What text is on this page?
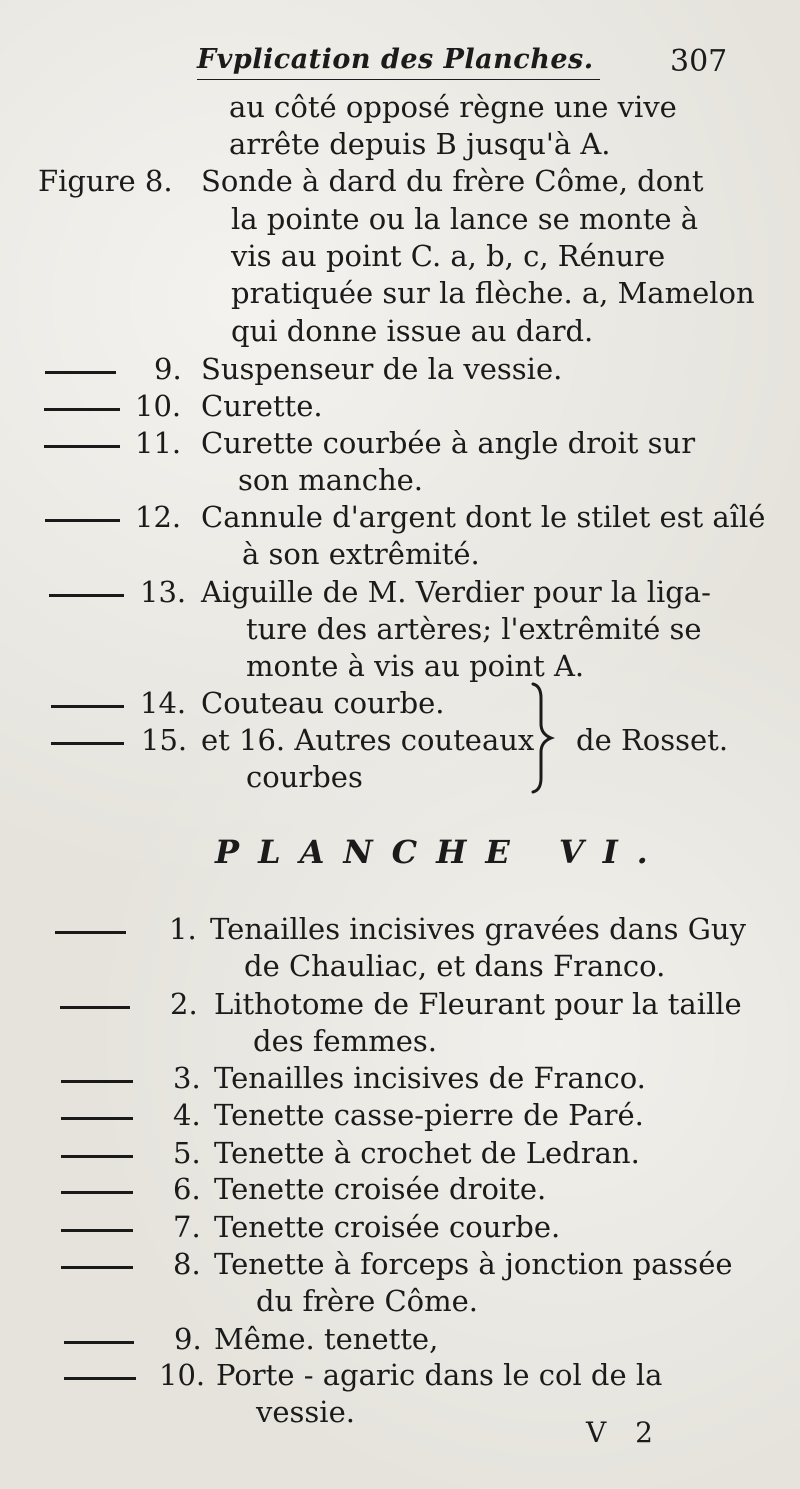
Fvplication des Planches.	307
au côté opposé règne une vive
arrête depuis B jusqu'à A.
Figure 8. Sonde à dard du frère Côme, dont
la pointe ou la lance se monte à
vis au point C. a, b, c, Rénure
pratiquée sur la flèche. a, Mamelon
qui donne issue au dard.
9. Suspenseur de la vessie.
10. Curette.
11. Curette courbée à angle droit sur
son manche.
12. Cannule d'argent dont le stilet est aîlé
à son extrêmité.
13. Aiguille de M. Verdier pour la liga-
ture des artères; l'extrêmité se
monte à vis au point A.
14. Couteau courbe.
15. et 16. Autres couteaux
courbes
de Rosset.
PLANCHE VI.
1. Tenailles incisives gravées dans Guy
de Chauliac, et dans Franco.
2. Lithotome de Fleurant pour la taille
des femmes.
3. Tenailles incisives de Franco.
4. Tenette casse-pierre de Paré.
5. Tenette à crochet de Ledran.
6. Tenette croisée droite.
7. Tenette croisée courbe.
8. Tenette à forceps à jonction passée
du frère Côme.
9. Même. tenette,
10. Porte - agaric dans le col de la
vessie.
V 2
